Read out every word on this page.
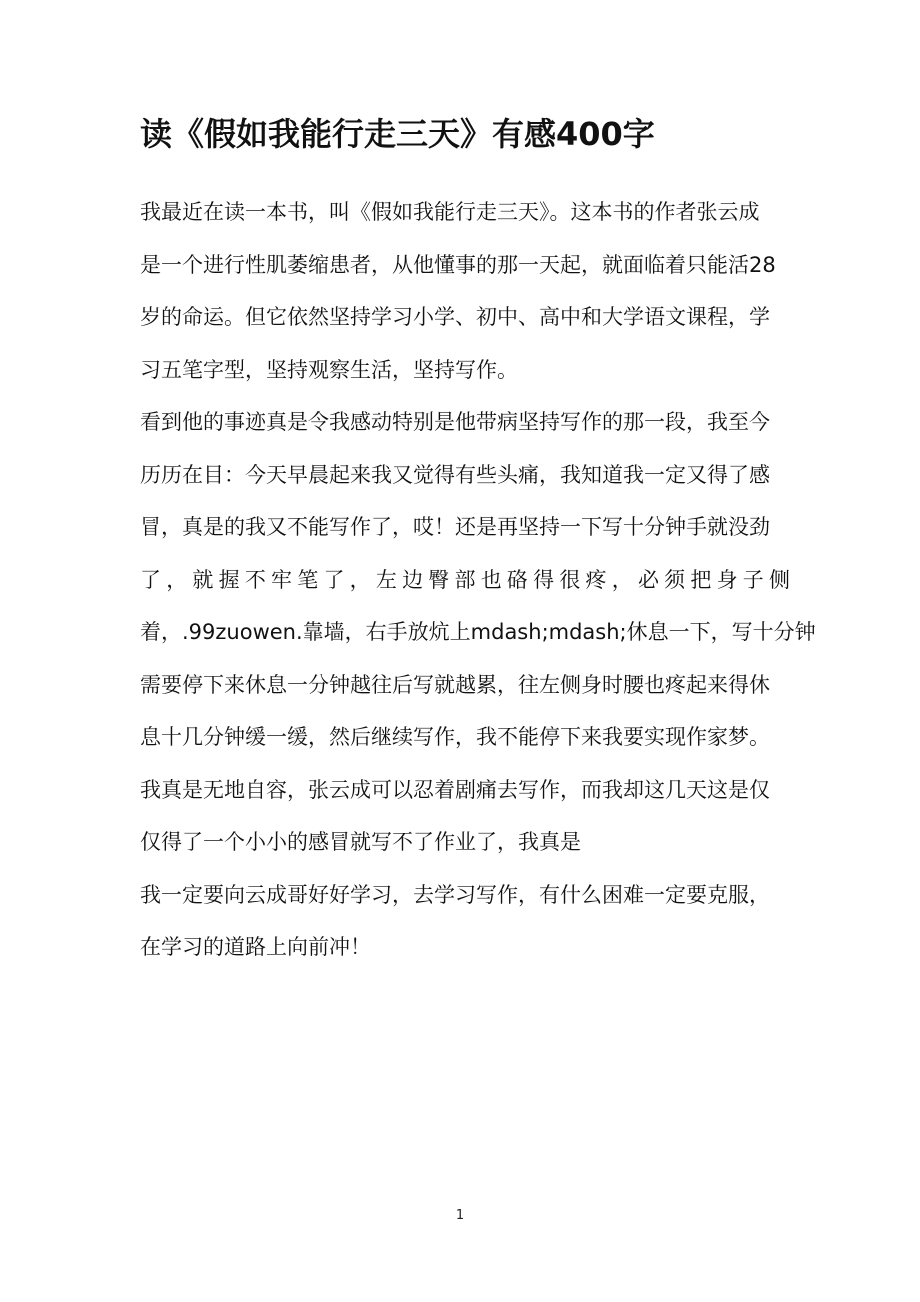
读《假如我能行走三天》有感400字
我最近在读一本书，叫《假如我能行走三天》。这本书的作者张云成
是一个进行性肌萎缩患者，从他懂事的那一天起，就面临着只能活28
岁的命运。但它依然坚持学习小学、初中、高中和大学语文课程，学
习五笔字型，坚持观察生活，坚持写作。
看到他的事迹真是令我感动特别是他带病坚持写作的那一段，我至今
历历在目：今天早晨起来我又觉得有些头痛，我知道我一定又得了感
冒，真是的我又不能写作了，哎！还是再坚持一下写十分钟手就没劲
了，就握不牢笔了，左边臀部也硌得很疼，必须把身子侧
着，.99zuowen.靠墙，右手放炕上mdash;mdash;休息一下，写十分钟
需要停下来休息一分钟越往后写就越累，往左侧身时腰也疼起来得休
息十几分钟缓一缓，然后继续写作，我不能停下来我要实现作家梦。
我真是无地自容，张云成可以忍着剧痛去写作，而我却这几天这是仅
仅得了一个小小的感冒就写不了作业了，我真是
我一定要向云成哥好好学习，去学习写作，有什么困难一定要克服，
在学习的道路上向前冲！
1
